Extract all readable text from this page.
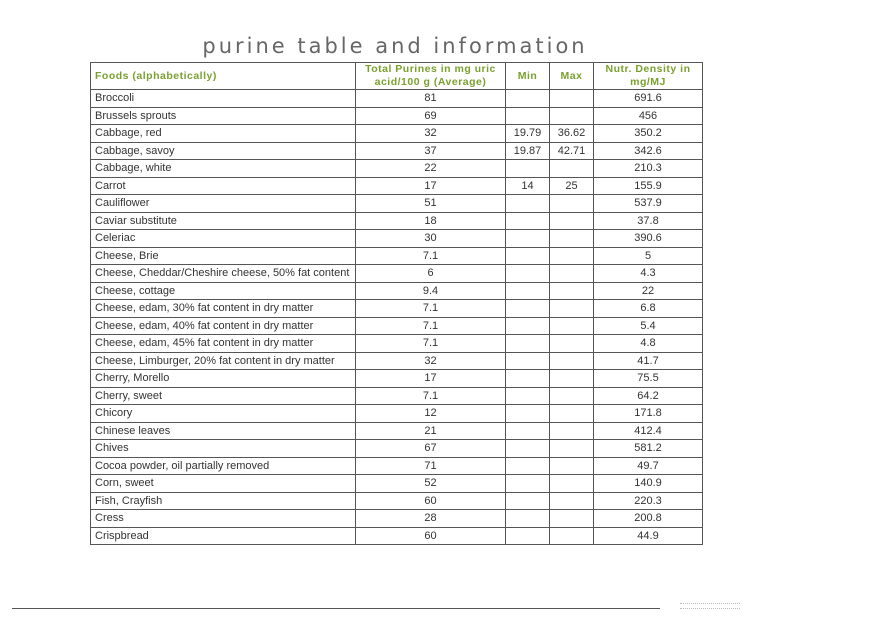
purine table and information
Foods (alphabetically)	Total Purines in mg uric acid/100 g (Average)	Min	Max	Nutr. Density in mg/MJ
Broccoli	81			691.6
Brussels sprouts	69			456
Cabbage, red	32	19.79	36.62	350.2
Cabbage, savoy	37	19.87	42.71	342.6
Cabbage, white	22			210.3
Carrot	17	14	25	155.9
Cauliflower	51			537.9
Caviar substitute	18			37.8
Celeriac	30			390.6
Cheese, Brie	7.1			5
Cheese, Cheddar/Cheshire cheese, 50% fat content	6			4.3
Cheese, cottage	9.4			22
Cheese, edam, 30% fat content in dry matter	7.1			6.8
Cheese, edam, 40% fat content in dry matter	7.1			5.4
Cheese, edam, 45% fat content in dry matter	7.1			4.8
Cheese, Limburger, 20% fat content in dry matter	32			41.7
Cherry, Morello	17			75.5
Cherry, sweet	7.1			64.2
Chicory	12			171.8
Chinese leaves	21			412.4
Chives	67			581.2
Cocoa powder, oil partially removed	71			49.7
Corn, sweet	52			140.9
Fish, Crayfish	60			220.3
Cress	28			200.8
Crispbread	60			44.9
